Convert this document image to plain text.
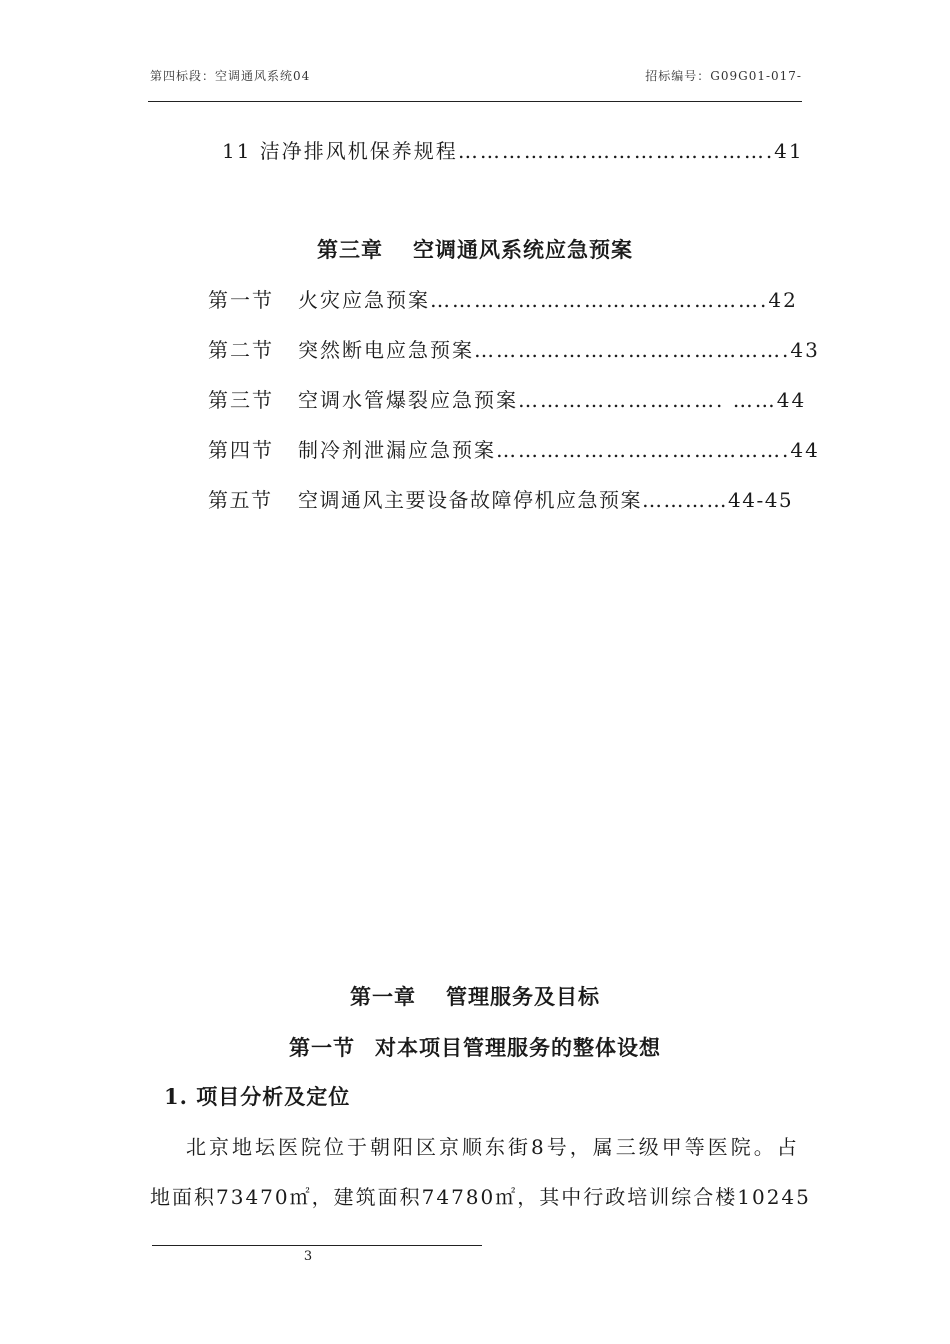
第四标段：空调通风系统04	招标编号：G09G01-017-
11 洁净排风机保养规程…………………………………….41
第三章 空调通风系统应急预案
第一节 火灾应急预案……………………………………….42
第二节 突然断电应急预案…………………………………….43
第三节 空调水管爆裂应急预案………………………. ……44
第四节 制冷剂泄漏应急预案………………………………….44
第五节 空调通风主要设备故障停机应急预案…………44-45
第一章 管理服务及目标
第一节 对本项目管理服务的整体设想
1. 项目分析及定位
北京地坛医院位于朝阳区京顺东街8号，属三级甲等医院。占
地面积73470㎡，建筑面积74780㎡，其中行政培训综合楼10245
3
